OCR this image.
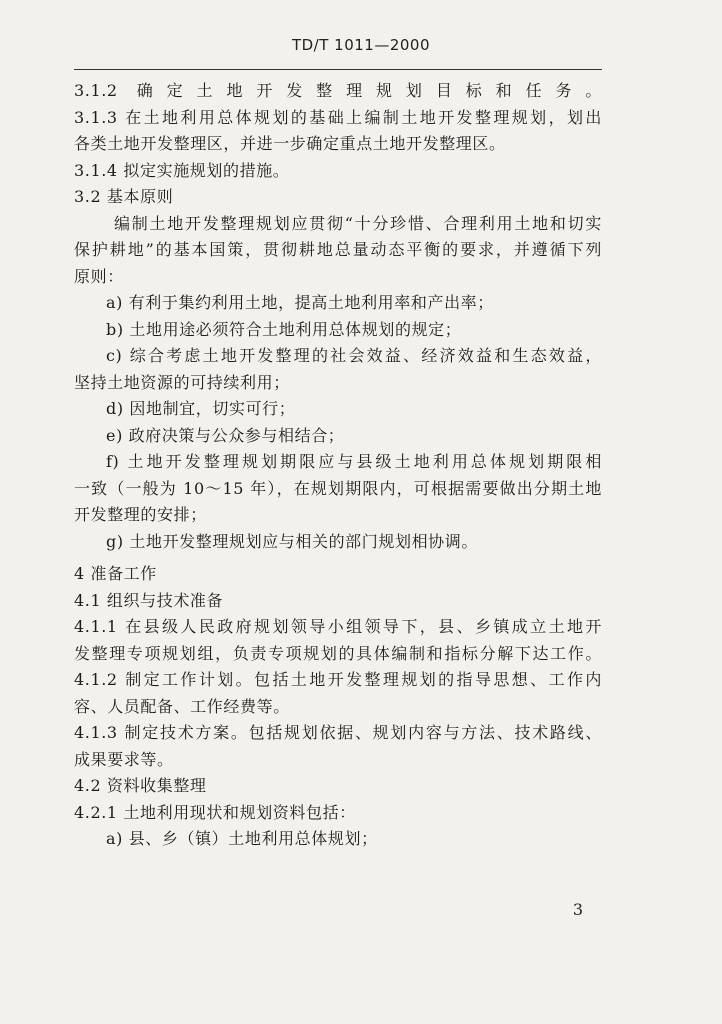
TD/T 1011—2000
3.1.2 确定土地开发整理规划目标和任务。
3.1.3 在土地利用总体规划的基础上编制土地开发整理规划，划出
各类土地开发整理区，并进一步确定重点土地开发整理区。
3.1.4 拟定实施规划的措施。
3.2 基本原则
编制土地开发整理规划应贯彻“十分珍惜、合理利用土地和切实
保护耕地”的基本国策，贯彻耕地总量动态平衡的要求，并遵循下列
原则：
a) 有利于集约利用土地，提高土地利用率和产出率；
b) 土地用途必须符合土地利用总体规划的规定；
c) 综合考虑土地开发整理的社会效益、经济效益和生态效益，
坚持土地资源的可持续利用；
d) 因地制宜，切实可行；
e) 政府决策与公众参与相结合；
f) 土地开发整理规划期限应与县级土地利用总体规划期限相
一致（一般为 10～15 年），在规划期限内，可根据需要做出分期土地
开发整理的安排；
g) 土地开发整理规划应与相关的部门规划相协调。
4 准备工作
4.1 组织与技术准备
4.1.1 在县级人民政府规划领导小组领导下，县、乡镇成立土地开
发整理专项规划组，负责专项规划的具体编制和指标分解下达工作。
4.1.2 制定工作计划。包括土地开发整理规划的指导思想、工作内
容、人员配备、工作经费等。
4.1.3 制定技术方案。包括规划依据、规划内容与方法、技术路线、
成果要求等。
4.2 资料收集整理
4.2.1 土地利用现状和规划资料包括：
a) 县、乡（镇）土地利用总体规划；
3
